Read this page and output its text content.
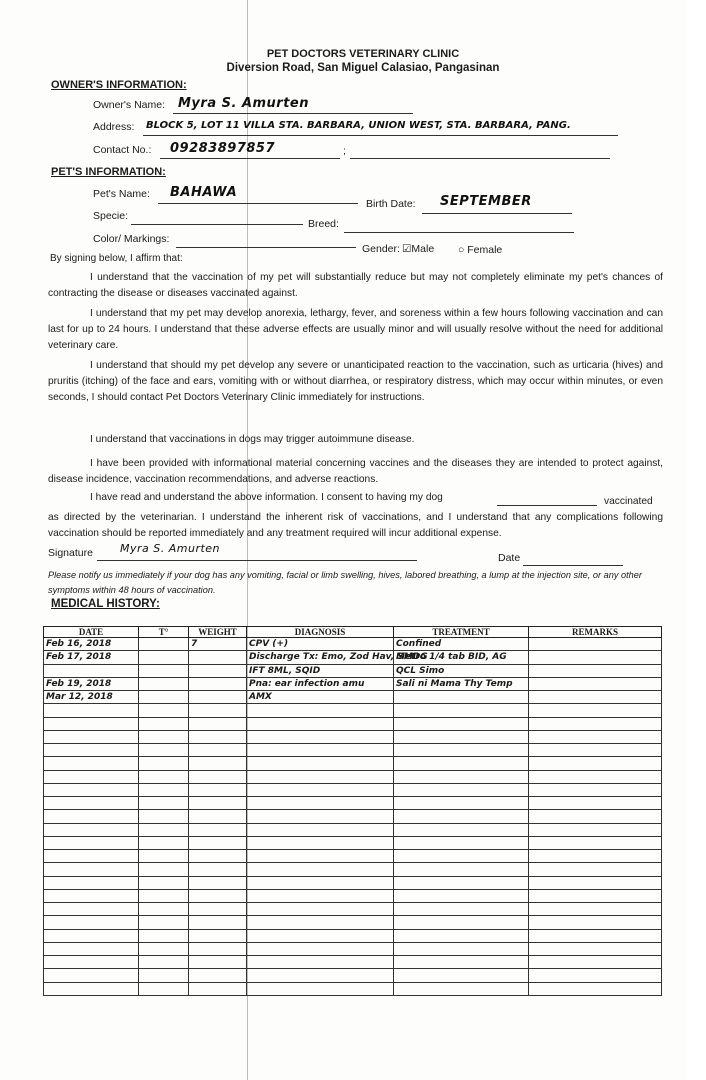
PET DOCTORS VETERINARY CLINIC
Diversion Road, San Miguel Calasiao, Pangasinan
OWNER'S INFORMATION:
Owner's Name: Myra S. Amurten
Address: BLOCK 5, LOT 11 VILLA STA. BARBARA, UNION WEST, STA. BARBARA, PANG.
Contact No.:	;
09283897857
PET'S INFORMATION:
Pet's Name: BAHAWA
Birth Date: SEPTEMBER
Specie:
Breed:
Color/ Markings:
Gender: ☑Male ○ Female
By signing below, I affirm that:
I understand that the vaccination of my pet will substantially reduce but may not completely eliminate my pet's chances of contracting the disease or diseases vaccinated against.
I understand that my pet may develop anorexia, lethargy, fever, and soreness within a few hours following vaccination and can last for up to 24 hours. I understand that these adverse effects are usually minor and will usually resolve without the need for additional veterinary care.
I understand that should my pet develop any severe or unanticipated reaction to the vaccination, such as urticaria (hives) and pruritis (itching) of the face and ears, vomiting with or without diarrhea, or respiratory distress, which may occur within minutes, or even seconds, I should contact Pet Doctors Veterinary Clinic immediately for instructions.
I understand that vaccinations in dogs may trigger autoimmune disease.
I have been provided with informational material concerning vaccines and the diseases they are intended to protect against, disease incidence, vaccination recommendations, and adverse reactions.
I have read and understand the above information. I consent to having my dog	vaccinated
as directed by the veterinarian. I understand the inherent risk of vaccinations, and I understand that any complications following vaccination should be reported immediately and any treatment required will incur additional expense.
Signature Myra S. Amurten
Date
Please notify us immediately if your dog has any vomiting, facial or limb swelling, hives, labored breathing, a lump at the injection site, or any other symptoms within 48 hours of vaccination.
MEDICAL HISTORY:
DATE	T°	WEIGHT	DIAGNOSIS	TREATMENT	REMARKS
Feb 16, 2018		7	CPV (+)	Confined	
Feb 17, 2018			Discharge Tx: Emo, Zod Hav, SMDG	Metro 1/4 tab BID, AG	
			IFT 8ML, SQID	QCL Simo	
Feb 19, 2018			Pna: ear infection amu	Sali ni Mama Thy Temp	
Mar 12, 2018			AMX		
